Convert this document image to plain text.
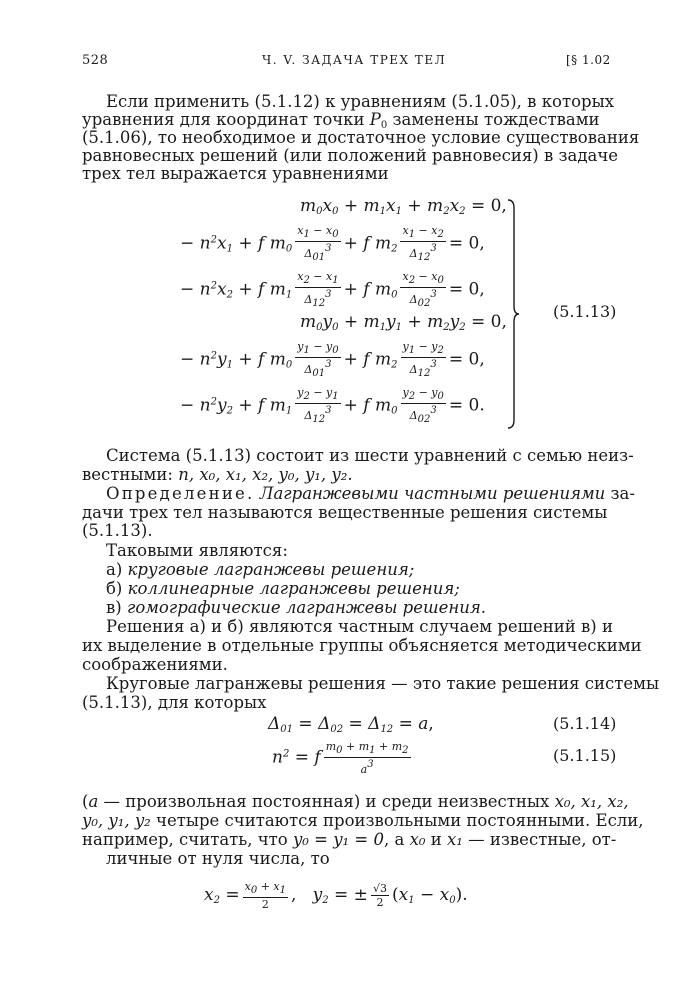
528	Ч. V. ЗАДАЧА ТРЕХ ТЕЛ	[§ 1.02
Если применить (5.1.12) к уравнениям (5.1.05), в которых
уравнения для координат точки $P_0$ заменены тождествами
(5.1.06), то необходимое и достаточное условие существования
равновесных решений (или положений равновесия) в задаче
трех тел выражается уравнениями
$m_0x_0 + m_1x_1 + m_2x_2 = 0$,
− $n^2x_1 + f$ $m_0 \frac{x_1 - x_0}{\Delta_{01}^3} + f$ $m_2 \frac{x_1 - x_2}{\Delta_{12}^3} = 0$,
− $n^2x_2 + f$ $m_1 \frac{x_2 - x_1}{\Delta_{12}^3} + f$ $m_0 \frac{x_2 - x_0}{\Delta_{02}^3} = 0$,
$m_0y_0 + m_1y_1 + m_2y_2 = 0$,
− $n^2y_1 + f$ $m_0 \frac{y_1 - y_0}{\Delta_{01}^3} + f$ $m_2 \frac{y_1 - y_2}{\Delta_{12}^3} = 0$,
− $n^2y_2 + f$ $m_1 \frac{y_2 - y_1}{\Delta_{12}^3} + f$ $m_0 \frac{y_2 - y_0}{\Delta_{02}^3} = 0$.
(5.1.13)
Система (5.1.13) состоит из шести уравнений с семью неиз-
вестными: n, x₀, x₁, x₂, y₀, y₁, y₂.
Определение. Лагранжевыми частными решениями за-
дачи трех тел называются вещественные решения системы
(5.1.13).
Таковыми являются:
а) круговые лагранжевы решения;
б) коллинеарные лагранжевы решения;
в) гомографические лагранжевы решения.
Решения а) и б) являются частным случаем решений в) и
их выделение в отдельные группы объясняется методическими
соображениями.
Круговые лагранжевы решения — это такие решения системы
(5.1.13), для которых
$\Delta_{01} = \Delta_{02} = \Delta_{12} = a$,	(5.1.14)
$n^2 = f \frac{m_0 + m_1 + m_2}{a^3}$	(5.1.15)
(a — произвольная постоянная) и среди неизвестных x₀, x₁, x₂,
y₀, y₁, y₂ четыре считаются произвольными постоянными. Если,
например, считать, что y₀ = y₁ = 0, а x₀ и x₁ — известные, от-
личные от нуля числа, то
$x_2 = \frac{x_0 + x_1}{2}$ ,   $y_2$ = ± $\frac{√3}{2} (x_1 - x_0)$.
